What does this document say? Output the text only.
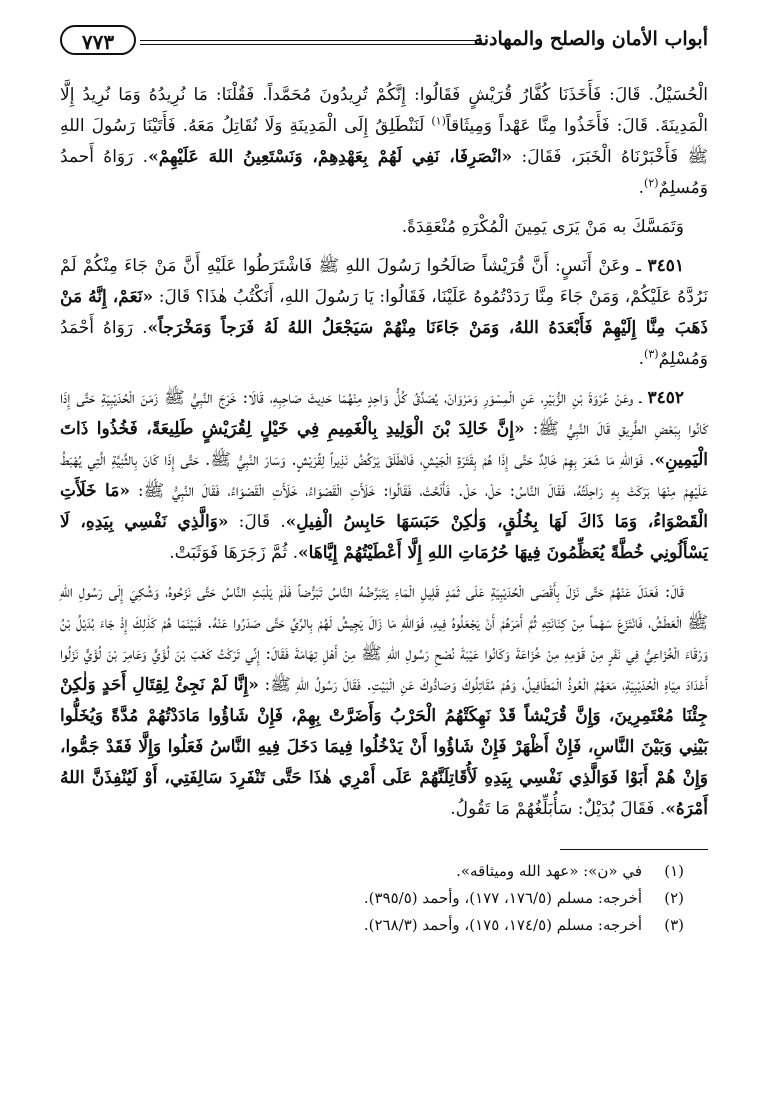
أبواب الأمان والصلح والمهادنة
٧٧٣

الْحُسَيْلُ. قَالَ: فَأَخَذَنَا كُفَّارُ قُرَيْشٍ فَقَالُوا: إِنَّكُمْ تُرِيدُونَ مُحَمَّداً. فَقُلْنَا: مَا نُرِيدُهُ وَمَا نُرِيدُ إِلَّا الْمَدِينَةَ. قَالَ: فَأَخَذُوا مِنَّا عَهْداً وَمِيثَاقاً$^{(١)}$ لَنَنْطَلِقُ إِلَى الْمَدِينَةِ وَلَا نُقَاتِلُ مَعَهُ. فَأَتَيْنَا رَسُولَ اللهِ ﷺ فَأَخْبَرْنَاهُ الْخَبَرَ، فَقَالَ: «انْصَرِفَا، نَفِي لَهُمْ بِعَهْدِهِمْ، وَنَسْتَعِينُ اللهَ عَلَيْهِمْ». رَوَاهُ أَحمدُ وَمُسلِمٌ$^{(٢)}$.

وَتَمَسَّكَ به مَنْ يَرَى يَمِينَ الْمُكْرَهِ مُنْعَقِدَةً.

٣٤٥١ ـ وعَنْ أَنَسٍ: أَنَّ قُرَيْشاً صَالَحُوا رَسُولَ اللهِ ﷺ فَاشْتَرَطُوا عَلَيْهِ أَنَّ مَنْ جَاءَ مِنْكُمْ لَمْ نَرُدَّهُ عَلَيْكُمْ، وَمَنْ جَاءَ مِنَّا رَدَدْتُمُوهُ عَلَيْنَا، فَقَالُوا: يَا رَسُولَ اللهِ، أَنَكْتُبُ هٰذَا؟ قَالَ: «نَعَمْ، إِنَّهُ مَنْ ذَهَبَ مِنَّا إِلَيْهِمْ فَأَبْعَدَهُ اللهُ، وَمَنْ جَاءَنَا مِنْهُمْ سَيَجْعَلُ اللهُ لَهُ فَرَجاً وَمَخْرَجاً». رَوَاهُ أَحْمَدُ وَمُسْلِمٌ$^{(٣)}$.

٣٤٥٢ ـ وعَنْ عُرْوَةَ بْنِ الزُّبَيْرِ، عَنِ الْمِسْوَرِ وَمَرْوَانَ، يُصَدِّقُ كُلُّ وَاحِدٍ مِنْهُمَا حَدِيثَ صَاحِبِهِ، قَالَا: خَرَجَ النَّبِيُّ ﷺ زَمَنَ الْحُدَيْبِيَةِ حَتَّى إِذَا كَانُوا بِبَعْضِ الطَّرِيقِ قَالَ النَّبِيُّ ﷺ: «إِنَّ خَالِدَ بْنَ الْوَلِيدِ بِالْغَمِيمِ فِي خَيْلٍ لِقُرَيْشٍ طَلِيعَةً، فَخُذُوا ذَاتَ الْيَمِينِ». فَوَاللهِ مَا شَعَرَ بِهِمْ خَالِدٌ حَتَّى إِذَا هُمْ بِقَتَرَةِ الْجَيْشِ، فَانْطَلَقَ يَرْكُضُ نَذِيراً لِقُرَيْشٍ. وَسَارَ النَّبِيُّ ﷺ. حَتَّى إِذَا كَانَ بِالثَّنِيَّةِ الَّتِي يُهْبَطُ عَلَيْهِمْ مِنْهَا بَرَكَتْ بِهِ رَاحِلَتُهُ، فَقَالَ النَّاسُ: حَلْ، حَلْ. فَأَلَحَّتْ، فَقَالُوا: خَلَأَتِ الْقَصْوَاءُ، خَلَأَتِ الْقَصْوَاءُ، فَقَالَ النَّبِيُّ ﷺ: «مَا خَلَأَتِ الْقَصْوَاءُ، وَمَا ذَاكَ لَهَا بِخُلُقٍ، وَلٰكِنْ حَبَسَهَا حَابِسُ الْفِيلِ». قَالَ: «وَالَّذِي نَفْسِي بِيَدِهِ، لَا يَسْأَلُونِي خُطَّةً يُعَظِّمُونَ فِيهَا حُرُمَاتِ اللهِ إِلَّا أَعْطَيْتُهُمْ إِيَّاهَا». ثُمَّ زَجَرَهَا فَوَثَبَتْ.

قَالَ: فَعَدَلَ عَنْهُمْ حَتَّى نَزَلَ بِأَقْصَى الْحُدَيْبِيَةِ عَلَى ثَمَدٍ قَلِيلِ الْمَاءِ يَتَبَرَّضُهُ النَّاسُ تَبَرُّضاً فَلَمْ يَلْبَثِ النَّاسُ حَتَّى نَزَحُوهُ، وَشُكِيَ إِلَى رَسُولِ اللهِ ﷺ الْعَطَشُ، فَانْتَزَعَ سَهْماً مِنْ كِنَانَتِهِ ثُمَّ أَمَرَهُمْ أَنْ يَجْعَلُوهُ فِيهِ، فَوَاللهِ مَا زَالَ يَجِيشُ لَهُمْ بِالرِّيِّ حَتَّى صَدَرُوا عَنْهُ. فَبَيْنَمَا هُمْ كَذٰلِكَ إِذْ جَاءَ بُدَيْلُ بْنُ وَرْقَاءَ الْخُزَاعِيُّ فِي نَفَرٍ مِنْ قَوْمِهِ مِنْ خُزَاعَةَ وَكَانُوا عَيْبَةَ نُصْحِ رَسُولِ اللهِ ﷺ مِنْ أَهْلِ تِهَامَةَ فَقَالَ: إِنِّي تَرَكْتُ كَعْبَ بْنَ لُؤَيٍّ وَعَامِرَ بْنَ لُؤَيٍّ نَزَلُوا أَعْدَادَ مِيَاهِ الْحُدَيْبِيَةِ، مَعَهُمُ الْعُوذُ الْمَطَافِيلُ، وَهُمْ مُقَاتِلُوكَ وَصَادُّوكَ عَنِ الْبَيْتِ. فَقَالَ رَسُولُ اللهِ ﷺ: «إِنَّا لَمْ نَجِئْ لِقِتَالِ أَحَدٍ وَلٰكِنْ جِئْنَا مُعْتَمِرِينَ، وَإِنَّ قُرَيْشاً قَدْ نَهِكَتْهُمُ الْحَرْبُ وَأَضَرَّتْ بِهِمْ، فَإِنْ شَاؤُوا مَادَدْتُهُمْ مُدَّةً وَيُخَلُّوا بَيْنِي وَبَيْنَ النَّاسِ، فَإِنْ أَظْهَرْ فَإِنْ شَاؤُوا أَنْ يَدْخُلُوا فِيمَا دَخَلَ فِيهِ النَّاسُ فَعَلُوا وَإِلَّا فَقَدْ جَمُّوا، وَإِنْ هُمْ أَبَوْا فَوَالَّذِي نَفْسِي بِيَدِهِ لَأُقَاتِلَنَّهُمْ عَلَى أَمْرِي هٰذَا حَتَّى تَنْفَرِدَ سَالِفَتِي، أَوْ لَيُنْفِذَنَّ اللهُ أَمْرَهُ». فَقَالَ بُدَيْلٌ: سَأُبَلِّغُهُمْ مَا تَقُولُ.

(١)
في «ن»: «عهد الله وميثاقه».
(٢)
أخرجه: مسلم (١٧٦/٥، ١٧٧)، وأحمد (٣٩٥/٥).
(٣)
أخرجه: مسلم (١٧٤/٥، ١٧٥)، وأحمد (٢٦٨/٣).
